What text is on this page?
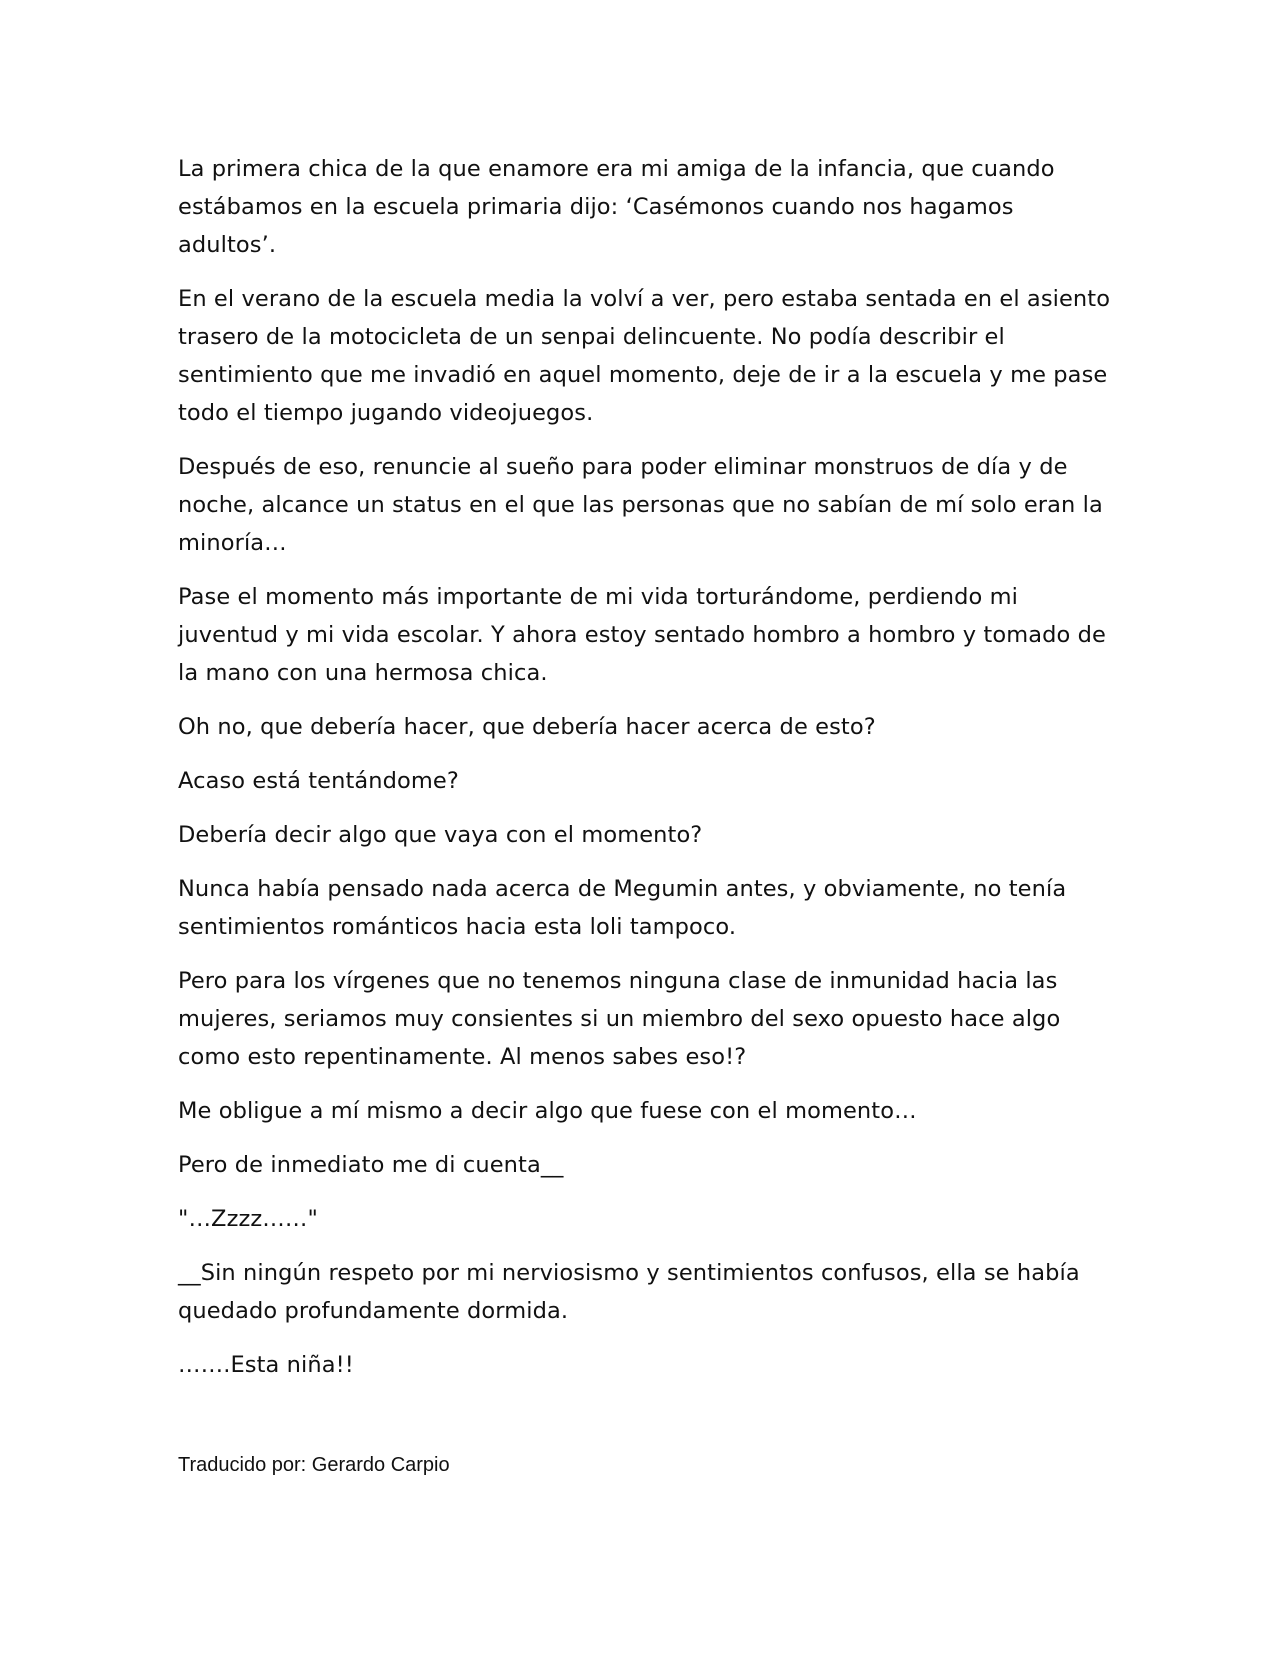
La primera chica de la que enamore era mi amiga de la infancia, que cuando estábamos en la escuela primaria dijo: ‘Casémonos cuando nos hagamos adultos’.

En el verano de la escuela media la volví a ver, pero estaba sentada en el asiento trasero de la motocicleta de un senpai delincuente. No podía describir el sentimiento que me invadió en aquel momento, deje de ir a la escuela y me pase todo el tiempo jugando videojuegos.

Después de eso, renuncie al sueño para poder eliminar monstruos de día y de noche, alcance un status en el que las personas que no sabían de mí solo eran la minoría…

Pase el momento más importante de mi vida torturándome, perdiendo mi juventud y mi vida escolar. Y ahora estoy sentado hombro a hombro y tomado de la mano con una hermosa chica.

Oh no, que debería hacer, que debería hacer acerca de esto?

Acaso está tentándome?

Debería decir algo que vaya con el momento?

Nunca había pensado nada acerca de Megumin antes, y obviamente, no tenía sentimientos románticos hacia esta loli tampoco.

Pero para los vírgenes que no tenemos ninguna clase de inmunidad hacia las mujeres, seriamos muy consientes si un miembro del sexo opuesto hace algo como esto repentinamente. Al menos sabes eso!?

Me obligue a mí mismo a decir algo que fuese con el momento…

Pero de inmediato me di cuenta__

"…Zzzz……"

__Sin ningún respeto por mi nerviosismo y sentimientos confusos, ella se había quedado profundamente dormida.

…….Esta niña!!

Traducido por: Gerardo Carpio
